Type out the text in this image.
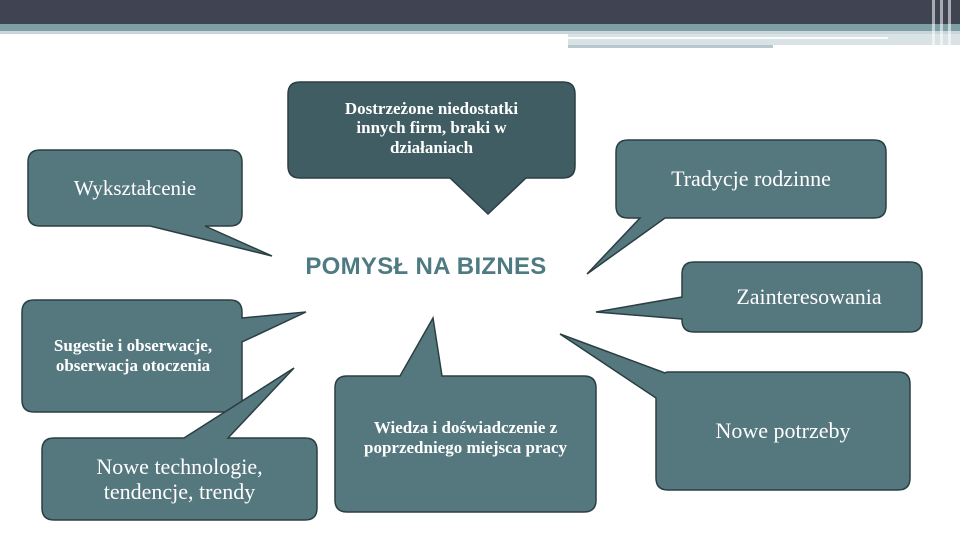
POMYSŁ NA BIZNES
Dostrzeżone niedostatki innych firm, braki w działaniach
Wykształcenie	Tradycje rodzinne
Zainteresowania
Sugestie i obserwacje, obserwacja otoczenia
Nowe potrzeby
Wiedza i doświadczenie z poprzedniego miejsca pracy
Nowe technologie, tendencje, trendy
